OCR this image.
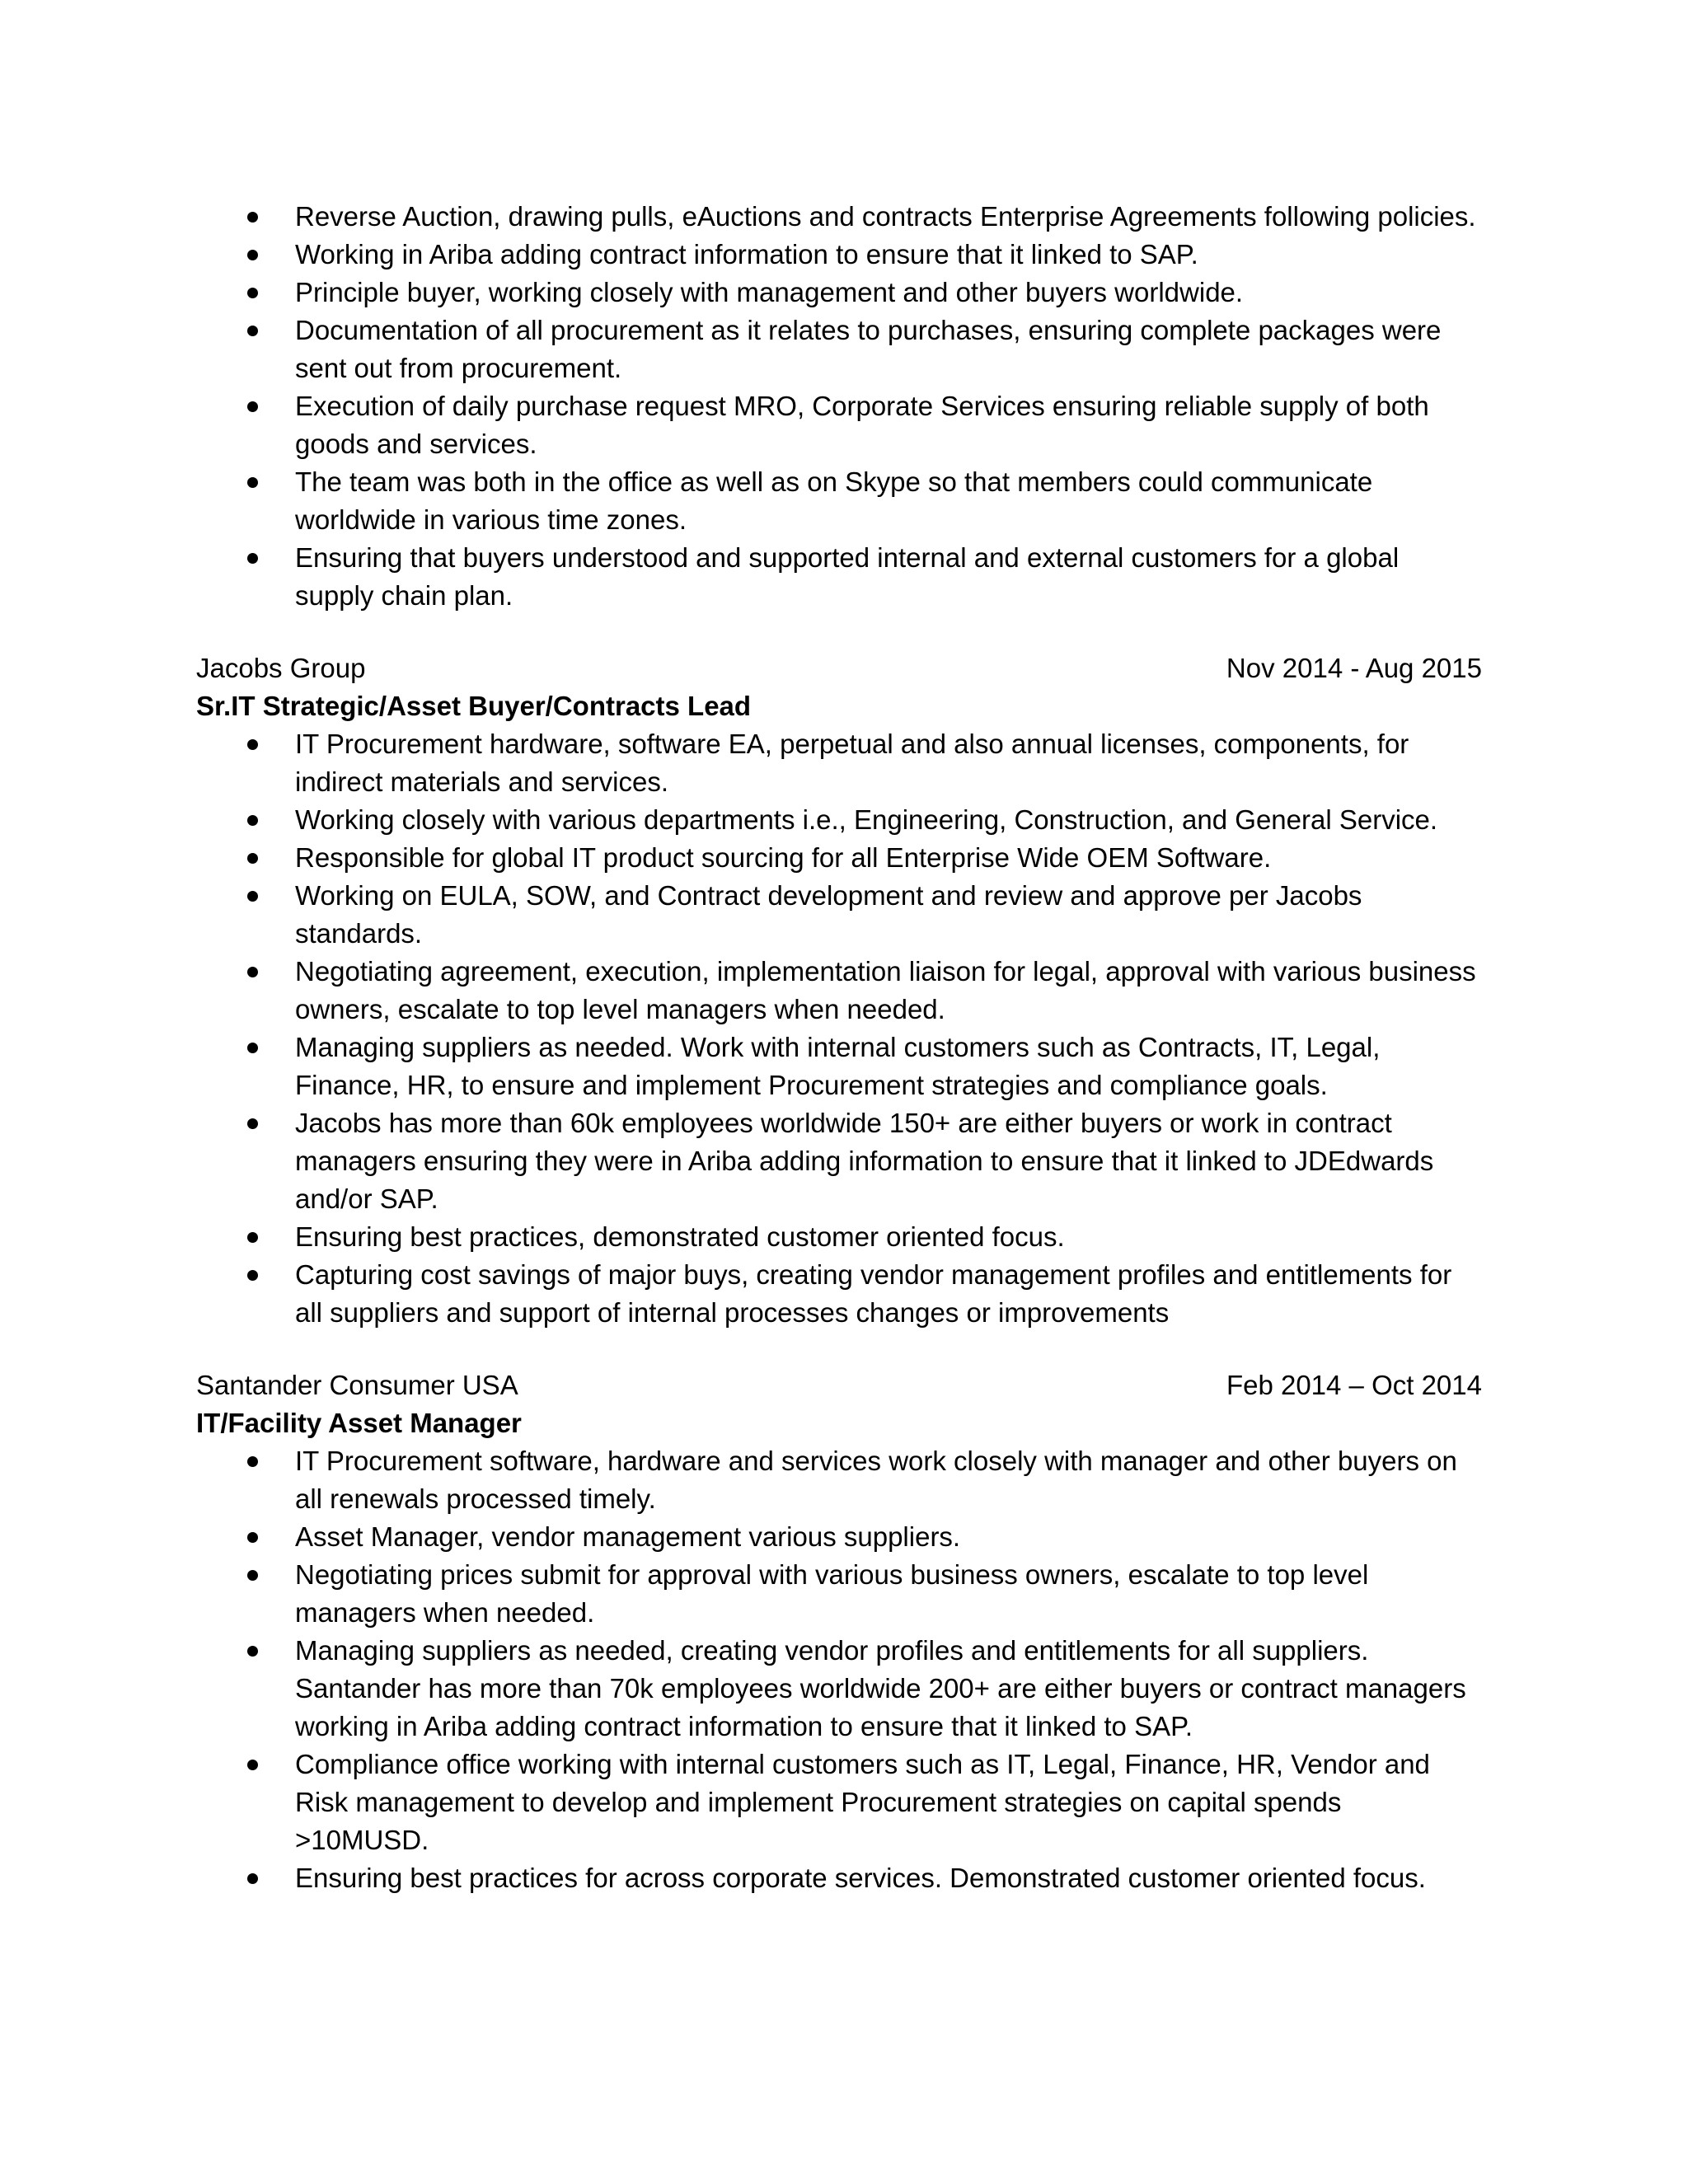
Reverse Auction, drawing pulls, eAuctions and contracts Enterprise Agreements following policies.
Working in Ariba adding contract information to ensure that it linked to SAP.
Principle buyer, working closely with management and other buyers worldwide.
Documentation of all procurement as it relates to purchases, ensuring complete packages were sent out from procurement.
Execution of daily purchase request MRO, Corporate Services ensuring reliable supply of both goods and services.
The team was both in the office as well as on Skype so that members could communicate worldwide in various time zones.
Ensuring that buyers understood and supported internal and external customers for a global supply chain plan.
Jacobs Group	Nov 2014 - Aug 2015
Sr.IT Strategic/Asset Buyer/Contracts Lead
IT Procurement hardware, software EA, perpetual and also annual licenses, components, for indirect materials and services.
Working closely with various departments i.e., Engineering, Construction, and General Service.
Responsible for global IT product sourcing for all Enterprise Wide OEM Software.
Working on EULA, SOW, and Contract development and review and approve per Jacobs standards.
Negotiating agreement, execution, implementation liaison for legal, approval with various business owners, escalate to top level managers when needed.
Managing suppliers as needed. Work with internal customers such as Contracts, IT, Legal, Finance, HR, to ensure and implement Procurement strategies and compliance goals.
Jacobs has more than 60k employees worldwide 150+ are either buyers or work in contract managers ensuring they were in Ariba adding information to ensure that it linked to JDEdwards and/or SAP.
Ensuring best practices, demonstrated customer oriented focus.
Capturing cost savings of major buys, creating vendor management profiles and entitlements for all suppliers and support of internal processes changes or improvements
Santander Consumer USA	Feb 2014 – Oct 2014
IT/Facility Asset Manager
IT Procurement software, hardware and services work closely with manager and other buyers on all renewals processed timely.
Asset Manager, vendor management various suppliers.
Negotiating prices submit for approval with various business owners, escalate to top level managers when needed.
Managing suppliers as needed, creating vendor profiles and entitlements for all suppliers. Santander has more than 70k employees worldwide 200+ are either buyers or contract managers working in Ariba adding contract information to ensure that it linked to SAP.
Compliance office working with internal customers such as IT, Legal, Finance, HR, Vendor and Risk management to develop and implement Procurement strategies on capital spends >10MUSD.
Ensuring best practices for across corporate services. Demonstrated customer oriented focus.
